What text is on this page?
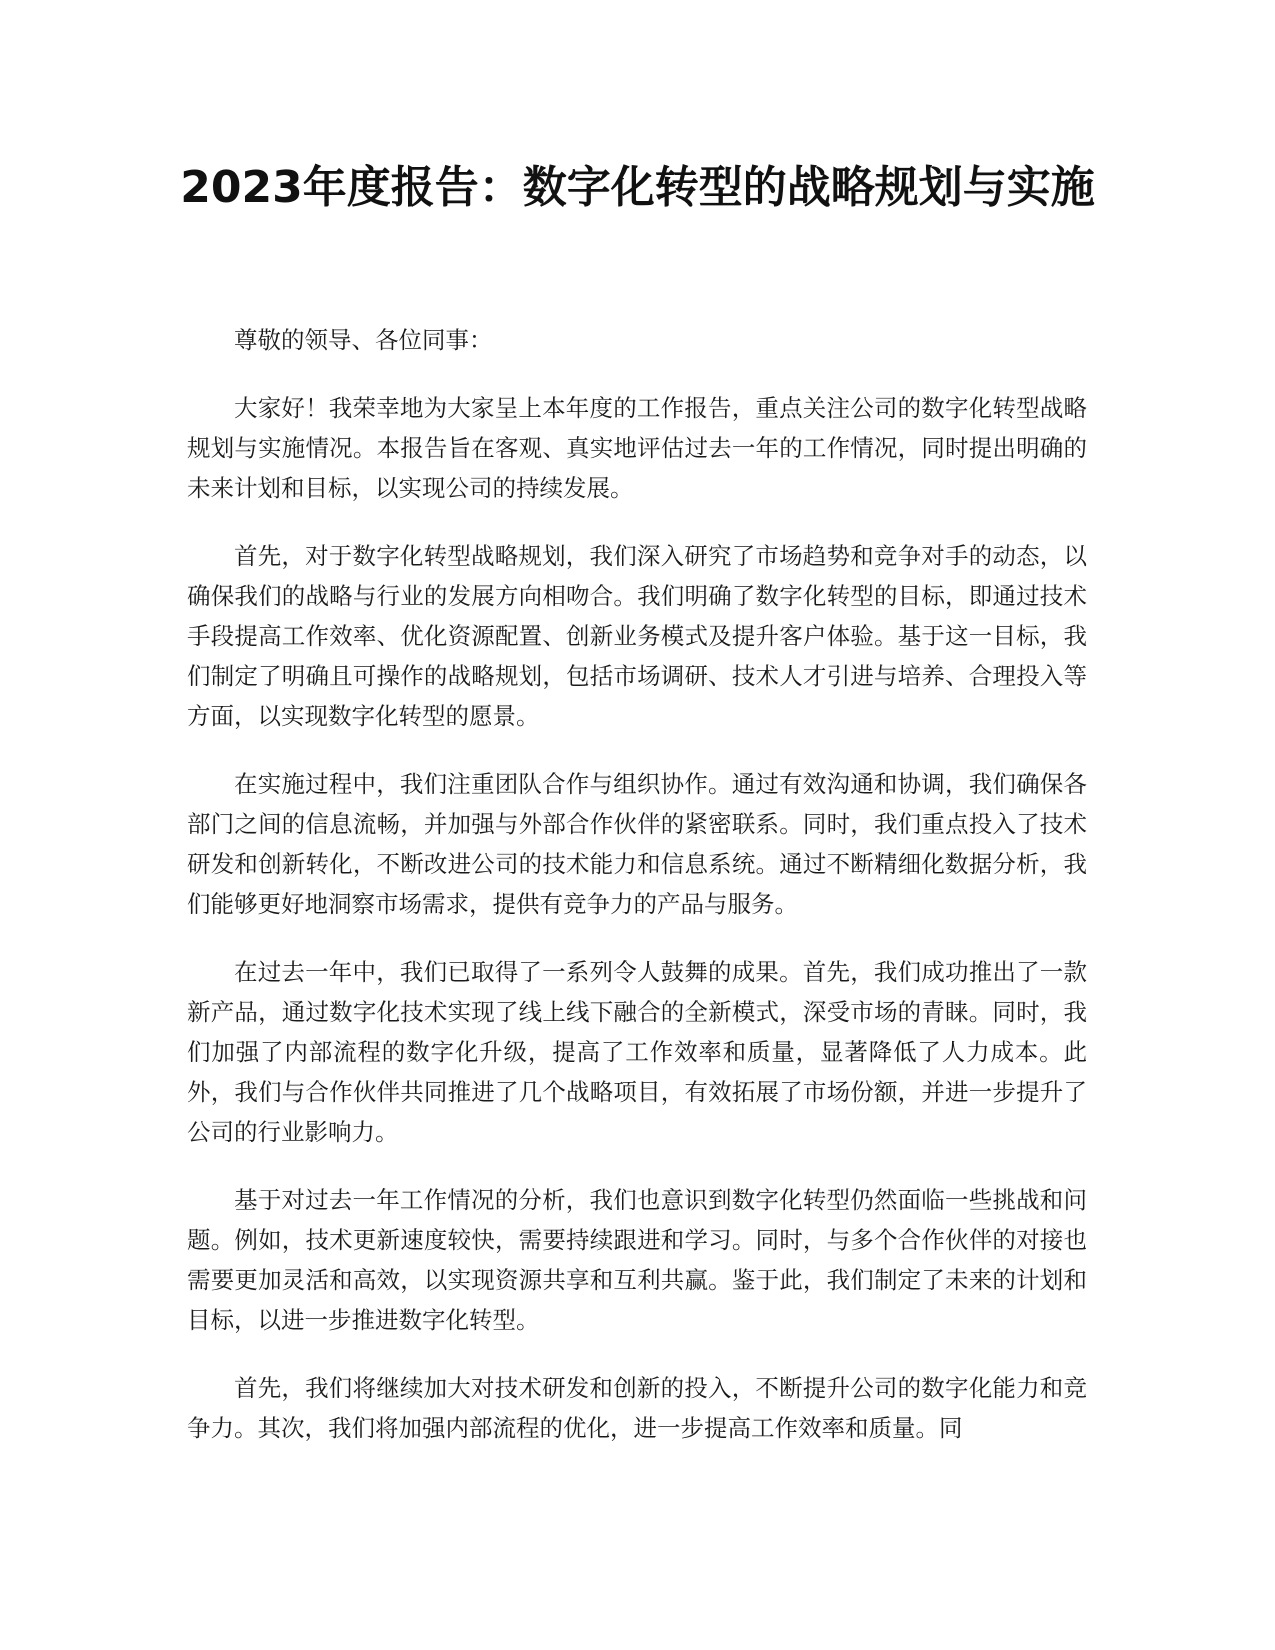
2023年度报告：数字化转型的战略规划与实施

尊敬的领导、各位同事：

大家好！我荣幸地为大家呈上本年度的工作报告，重点关注公司的数字化转型战略规划与实施情况。本报告旨在客观、真实地评估过去一年的工作情况，同时提出明确的未来计划和目标，以实现公司的持续发展。

首先，对于数字化转型战略规划，我们深入研究了市场趋势和竞争对手的动态，以确保我们的战略与行业的发展方向相吻合。我们明确了数字化转型的目标，即通过技术手段提高工作效率、优化资源配置、创新业务模式及提升客户体验。基于这一目标，我们制定了明确且可操作的战略规划，包括市场调研、技术人才引进与培养、合理投入等方面，以实现数字化转型的愿景。

在实施过程中，我们注重团队合作与组织协作。通过有效沟通和协调，我们确保各部门之间的信息流畅，并加强与外部合作伙伴的紧密联系。同时，我们重点投入了技术研发和创新转化，不断改进公司的技术能力和信息系统。通过不断精细化数据分析，我们能够更好地洞察市场需求，提供有竞争力的产品与服务。

在过去一年中，我们已取得了一系列令人鼓舞的成果。首先，我们成功推出了一款新产品，通过数字化技术实现了线上线下融合的全新模式，深受市场的青睐。同时，我们加强了内部流程的数字化升级，提高了工作效率和质量，显著降低了人力成本。此外，我们与合作伙伴共同推进了几个战略项目，有效拓展了市场份额，并进一步提升了公司的行业影响力。

基于对过去一年工作情况的分析，我们也意识到数字化转型仍然面临一些挑战和问题。例如，技术更新速度较快，需要持续跟进和学习。同时，与多个合作伙伴的对接也需要更加灵活和高效，以实现资源共享和互利共赢。鉴于此，我们制定了未来的计划和目标，以进一步推进数字化转型。

首先，我们将继续加大对技术研发和创新的投入，不断提升公司的数字化能力和竞争力。其次，我们将加强内部流程的优化，进一步提高工作效率和质量。同
